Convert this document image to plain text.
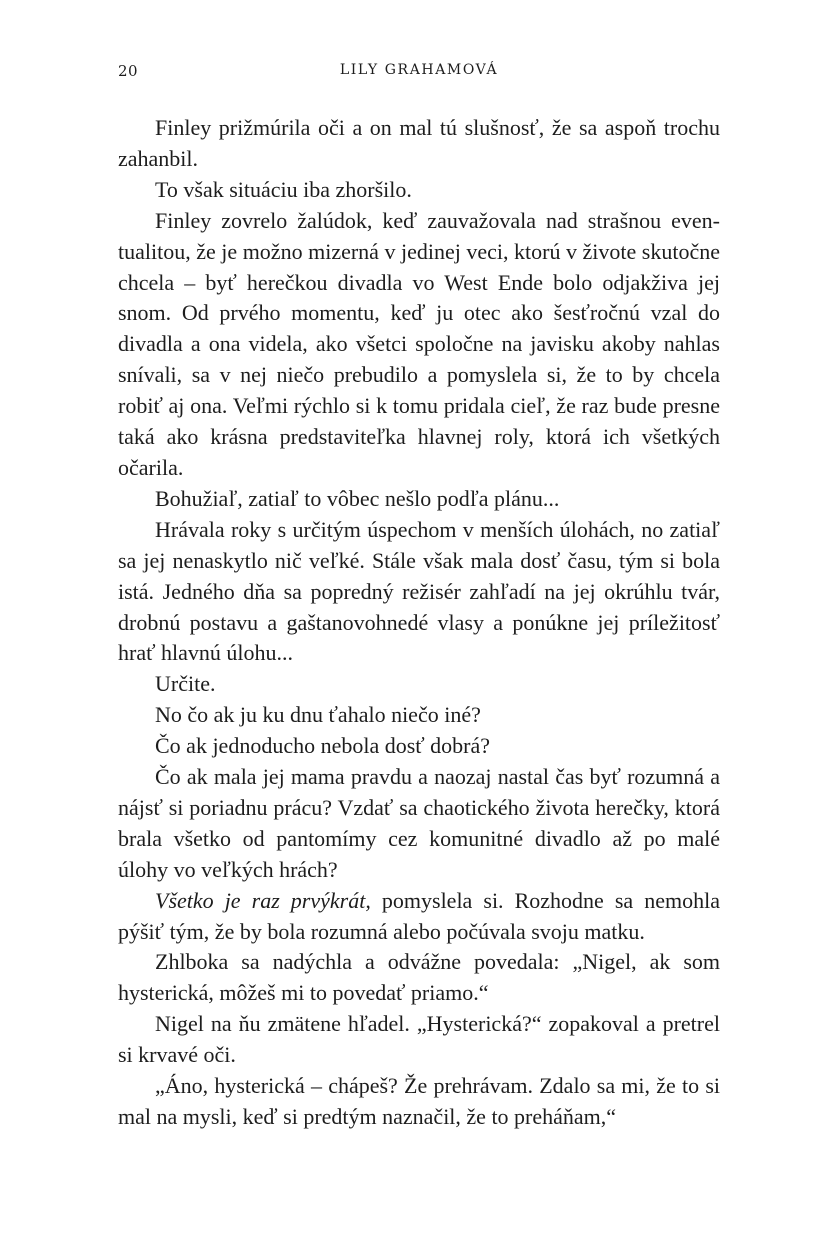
20	LILY GRAHAMOVÁ

Finley prižmúrila oči a on mal tú slušnosť, že sa aspoň trochu zahanbil.

To však situáciu iba zhoršilo.

Finley zovrelo žalúdok, keď zauvažovala nad strašnou eventualitou, že je možno mizerná v jedinej veci, ktorú v živote skutočne chcela – byť herečkou divadla vo West Ende bolo odjakživa jej snom. Od prvého momentu, keď ju otec ako šesťročnú vzal do divadla a ona videla, ako všetci spoločne na javisku akoby nahlas snívali, sa v nej niečo prebudilo a pomyslela si, že to by chcela robiť aj ona. Veľmi rýchlo si k tomu pridala cieľ, že raz bude presne taká ako krásna predstaviteľka hlavnej roly, ktorá ich všetkých očarila.

Bohužiaľ, zatiaľ to vôbec nešlo podľa plánu...

Hrávala roky s určitým úspechom v menších úlohách, no zatiaľ sa jej nenaskytlo nič veľké. Stále však mala dosť času, tým si bola istá. Jedného dňa sa popredný režisér zahľadí na jej okrúhlu tvár, drobnú postavu a gaštanovohnedé vlasy a ponúkne jej príležitosť hrať hlavnú úlohu...

Určite.

No čo ak ju ku dnu ťahalo niečo iné?

Čo ak jednoducho nebola dosť dobrá?

Čo ak mala jej mama pravdu a naozaj nastal čas byť rozumná a nájsť si poriadnu prácu? Vzdať sa chaotického života herečky, ktorá brala všetko od pantomímy cez komunitné divadlo až po malé úlohy vo veľkých hrách?

Všetko je raz prvýkrát, pomyslela si. Rozhodne sa nemohla pýšiť tým, že by bola rozumná alebo počúvala svoju matku.

Zhlboka sa nadýchla a odvážne povedala: „Nigel, ak som hysterická, môžeš mi to povedať priamo.“

Nigel na ňu zmätene hľadel. „Hysterická?“ zopakoval a pretrel si krvavé oči.

„Áno, hysterická – chápeš? Že prehrávam. Zdalo sa mi, že to si mal na mysli, keď si predtým naznačil, že to preháňam,“
